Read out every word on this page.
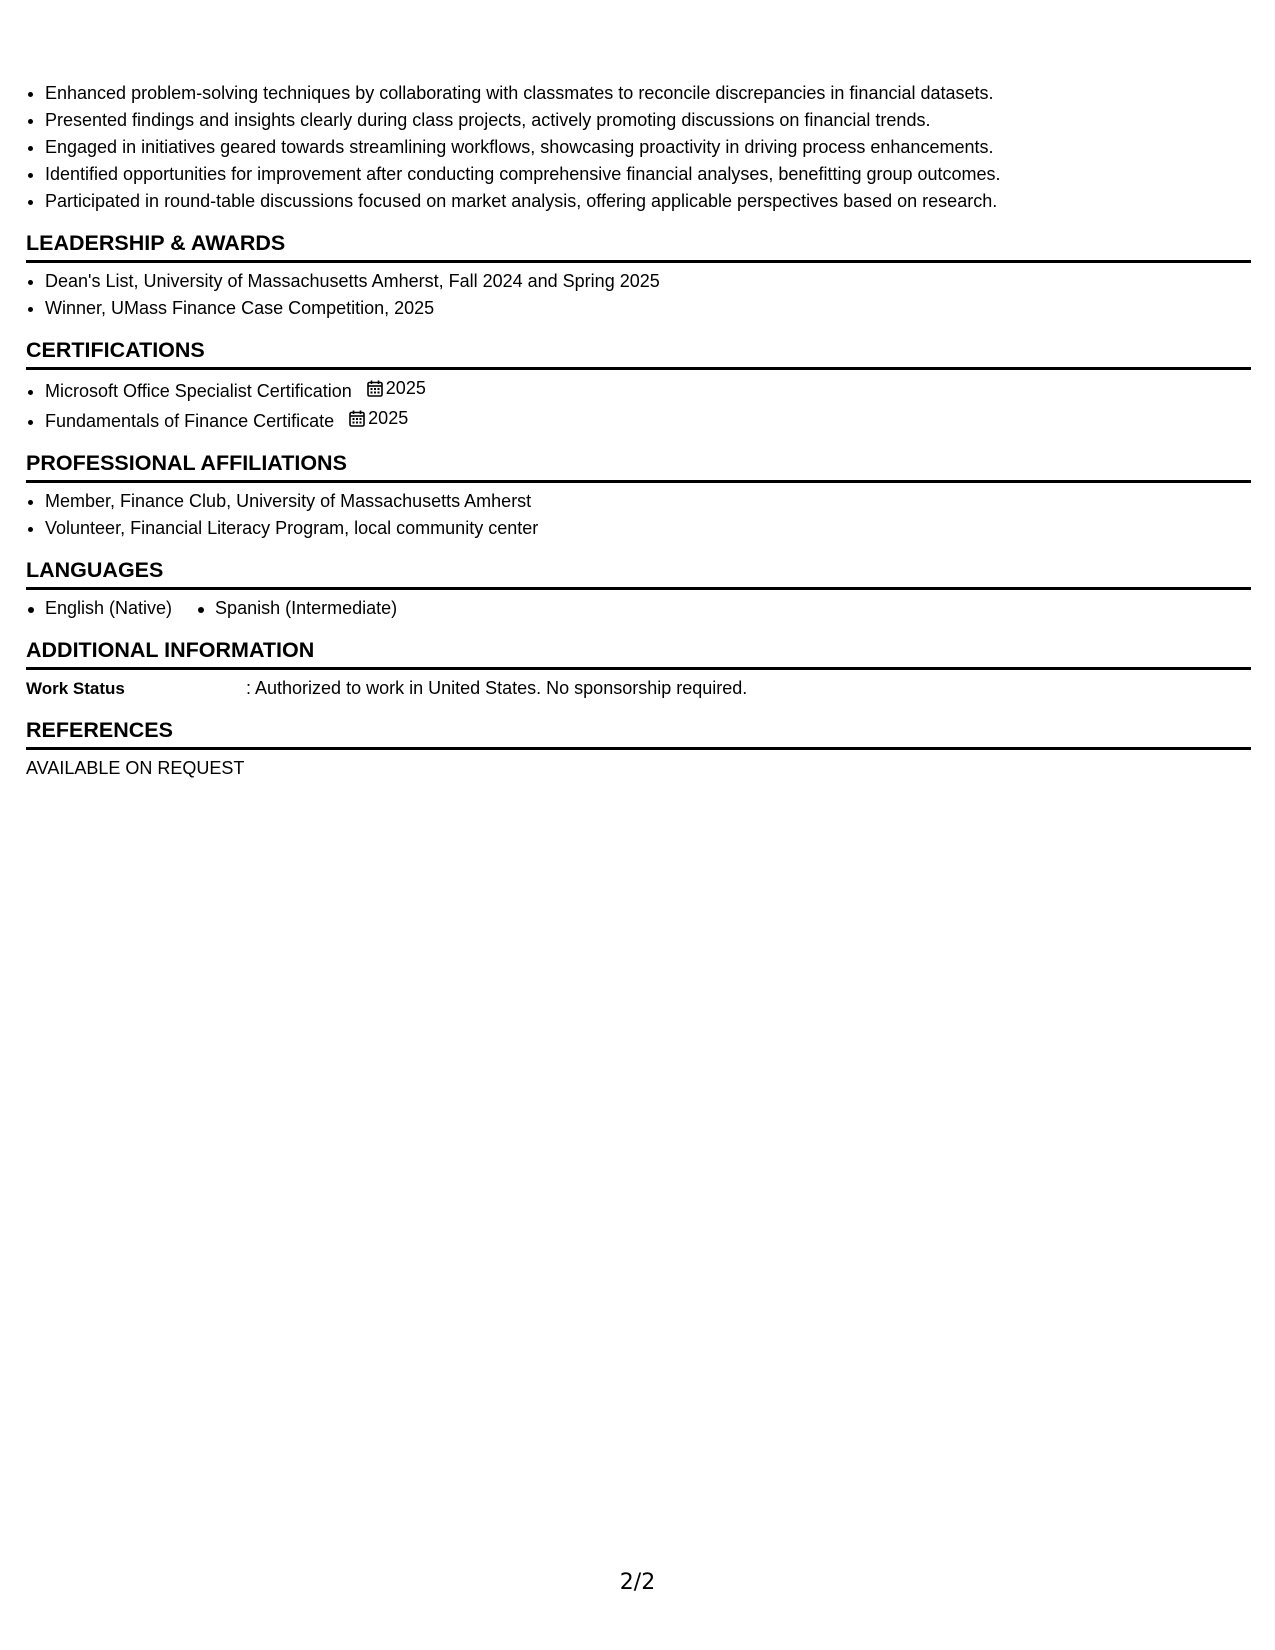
• Enhanced problem-solving techniques by collaborating with classmates to reconcile discrepancies in financial datasets.
• Presented findings and insights clearly during class projects, actively promoting discussions on financial trends.
• Engaged in initiatives geared towards streamlining workflows, showcasing proactivity in driving process enhancements.
• Identified opportunities for improvement after conducting comprehensive financial analyses, benefitting group outcomes.
• Participated in round-table discussions focused on market analysis, offering applicable perspectives based on research.
LEADERSHIP & AWARDS
• Dean's List, University of Massachusetts Amherst, Fall 2024 and Spring 2025
• Winner, UMass Finance Case Competition, 2025
CERTIFICATIONS
• Microsoft Office Specialist Certification 2025
• Fundamentals of Finance Certificate 2025
PROFESSIONAL AFFILIATIONS
• Member, Finance Club, University of Massachusetts Amherst
• Volunteer, Financial Literacy Program, local community center
LANGUAGES
English (Native)	Spanish (Intermediate)
ADDITIONAL INFORMATION
Work Status	: Authorized to work in United States. No sponsorship required.
REFERENCES
AVAILABLE ON REQUEST
2/2
